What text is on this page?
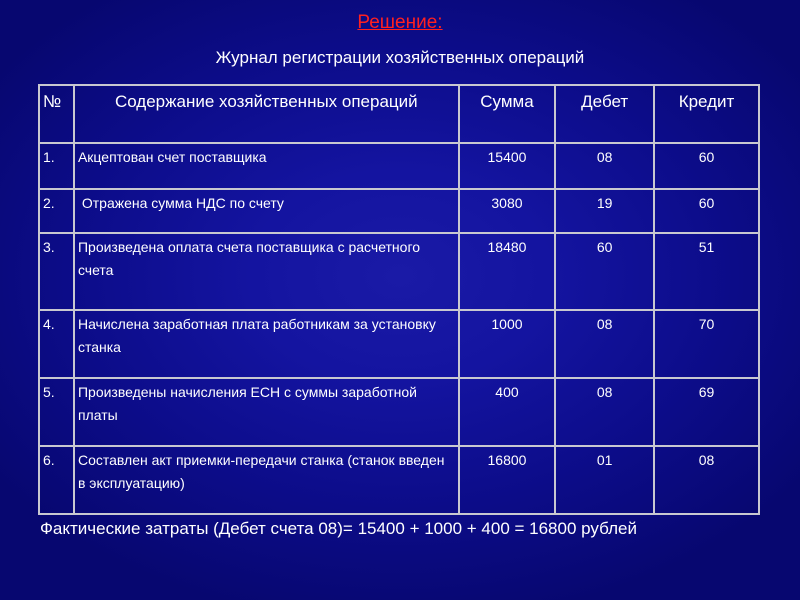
Решение:
Журнал регистрации хозяйственных операций
№	Содержание хозяйственных операций	Сумма	Дебет	Кредит
1.	Акцептован счет поставщика	15400	08	60
2.	Отражена сумма НДС по счету	3080	19	60
3.	Произведена оплата счета поставщика с расчетного счета	18480	60	51
4.	Начислена заработная плата работникам за установку станка	1000	08	70
5.	Произведены начисления ЕСН с суммы заработной платы	400	08	69
6.	Составлен акт приемки-передачи станка (станок введен в эксплуатацию)	16800	01	08
Фактические затраты (Дебет счета 08)= 15400 + 1000 + 400 = 16800 рублей
